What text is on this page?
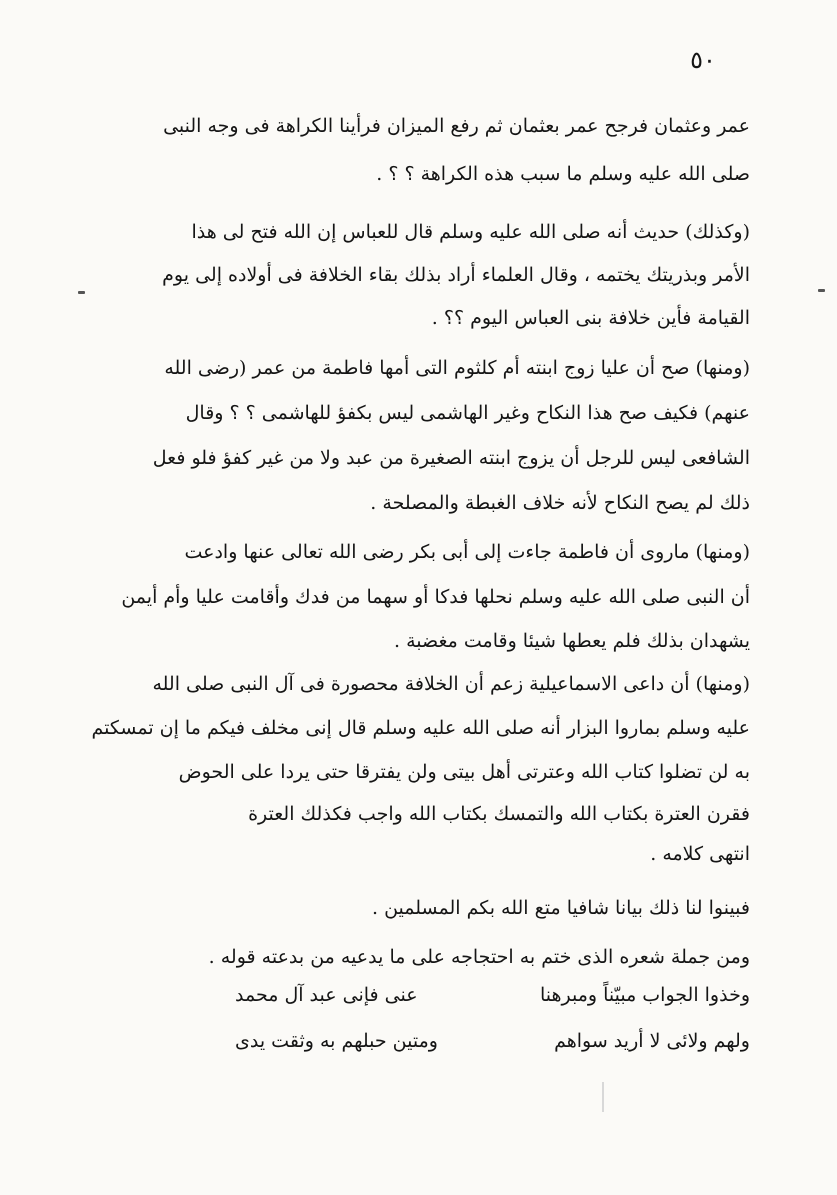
٥٠
عمر وعثمان فرجح عمر بعثمان ثم رفع الميزان فرأينا الكراهة فى وجه النبى
صلى الله عليه وسلم ما سبب هذه الكراهة ؟ ؟ .
(وكذلك) حديث أنه صلى الله عليه وسلم قال للعباس إن الله فتح لى هذا
الأمر وبذريتك يختمه ، وقال العلماء أراد بذلك بقاء الخلافة فى أولاده إلى يوم
القيامة فأين خلافة بنى العباس اليوم ؟؟ .
(ومنها) صح أن عليا زوج ابنته أم كلثوم التى أمها فاطمة من عمر (رضى الله
عنهم) فكيف صح هذا النكاح وغير الهاشمى ليس بكفؤ للهاشمى ؟ ؟ وقال
الشافعى ليس للرجل أن يزوج ابنته الصغيرة من عبد ولا من غير كفؤ فلو فعل
ذلك لم يصح النكاح لأنه خلاف الغبطة والمصلحة .
(ومنها) ماروى أن فاطمة جاءت إلى أبى بكر رضى الله تعالى عنها وادعت
أن النبى صلى الله عليه وسلم نحلها فدكا أو سهما من فدك وأقامت عليا وأم أيمن
يشهدان بذلك فلم يعطها شيئا وقامت مغضبة .
(ومنها) أن داعى الاسماعيلية زعم أن الخلافة محصورة فى آل النبى صلى الله
عليه وسلم بماروا البزار أنه صلى الله عليه وسلم قال إنى مخلف فيكم ما إن تمسكتم
به لن تضلوا كتاب الله وعترتى أهل بيتى ولن يفترقا حتى يردا على الحوض
فقرن العترة بكتاب الله والتمسك بكتاب الله واجب فكذلك العترة
انتهى كلامه .
فبينوا لنا ذلك بيانا شافيا متع الله بكم المسلمين .
ومن جملة شعره الذى ختم به احتجاجه على ما يدعيه من بدعته قوله .
وخذوا الجواب مبيّناً ومبرهنا
عنى فإنى عبد آل محمد
ولهم ولائى لا أريد سواهم
ومتين حبلهم به وثقت يدى
